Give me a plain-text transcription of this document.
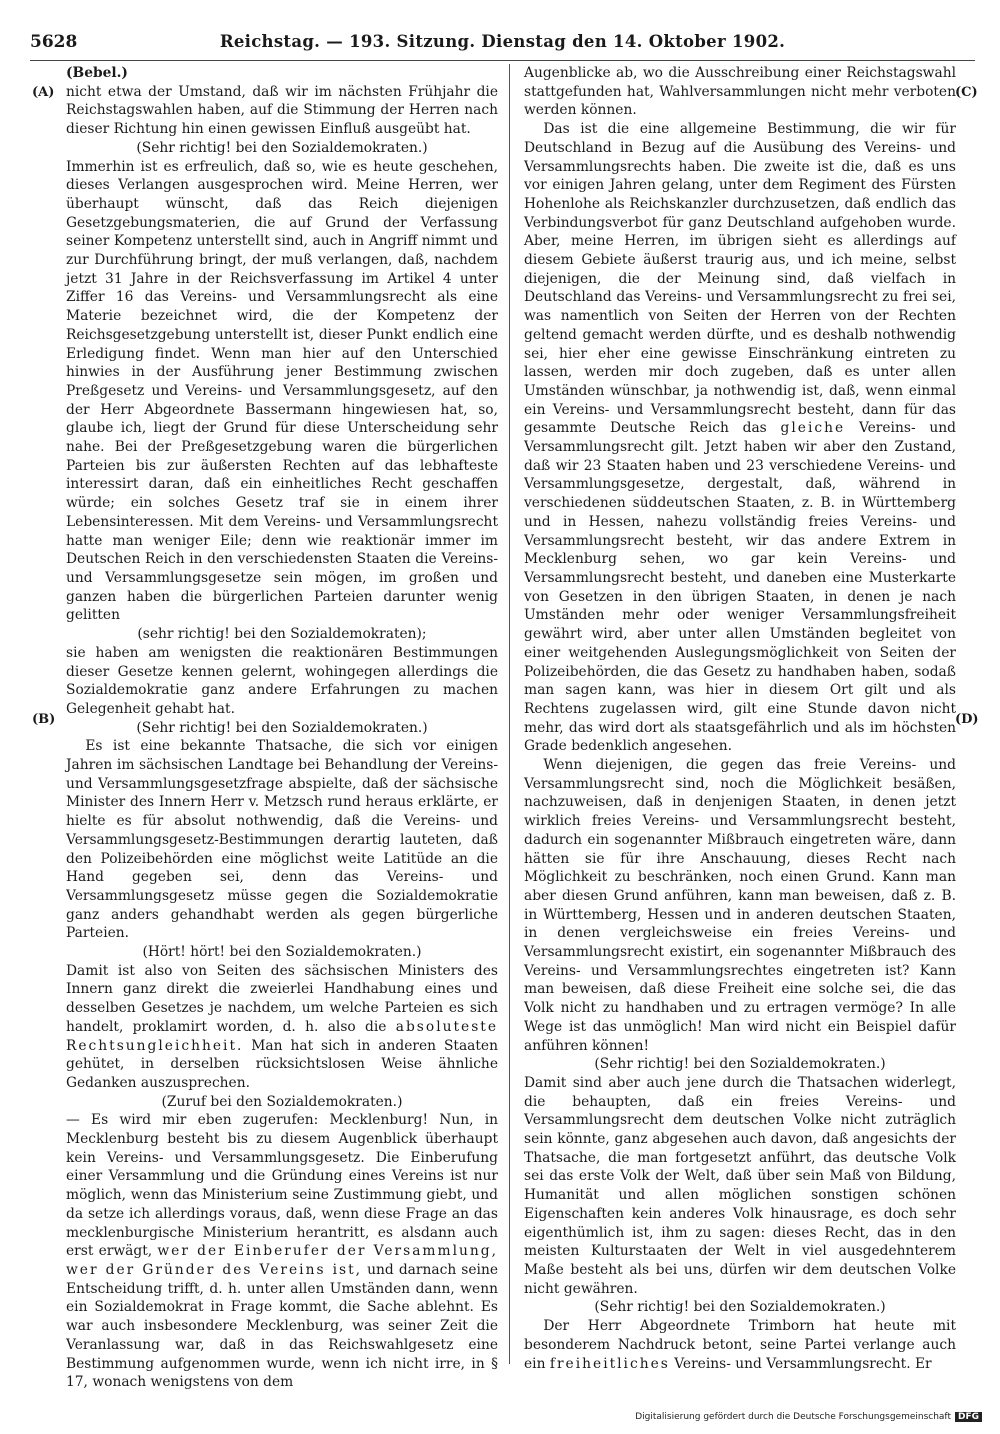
5628	Reichstag. — 193. Sitzung. Dienstag den 14. Oktober 1902.
(A)
(B)
(C)
(D)

(Bebel.)

nicht etwa der Umstand, daß wir im nächsten Frühjahr die Reichstagswahlen haben, auf die Stimmung der Herren nach dieser Richtung hin einen gewissen Einfluß ausgeübt hat.

(Sehr richtig! bei den Sozialdemokraten.)

Immerhin ist es erfreulich, daß so, wie es heute geschehen, dieses Verlangen ausgesprochen wird. Meine Herren, wer überhaupt wünscht, daß das Reich diejenigen Gesetzgebungsmaterien, die auf Grund der Verfassung seiner Kompetenz unterstellt sind, auch in Angriff nimmt und zur Durchführung bringt, der muß verlangen, daß, nachdem jetzt 31 Jahre in der Reichsverfassung im Artikel 4 unter Ziffer 16 das Vereins- und Versammlungsrecht als eine Materie bezeichnet wird, die der Kompetenz der Reichsgesetzgebung unterstellt ist, dieser Punkt endlich eine Erledigung findet. Wenn man hier auf den Unterschied hinwies in der Ausführung jener Bestimmung zwischen Preßgesetz und Vereins- und Versammlungsgesetz, auf den der Herr Abgeordnete Bassermann hingewiesen hat, so, glaube ich, liegt der Grund für diese Unterscheidung sehr nahe. Bei der Preßgesetzgebung waren die bürgerlichen Parteien bis zur äußersten Rechten auf das lebhafteste interessirt daran, daß ein einheitliches Recht geschaffen würde; ein solches Gesetz traf sie in einem ihrer Lebensinteressen. Mit dem Vereins- und Versammlungsrecht hatte man weniger Eile; denn wie reaktionär immer im Deutschen Reich in den verschiedensten Staaten die Vereins- und Versammlungsgesetze sein mögen, im großen und ganzen haben die bürgerlichen Parteien darunter wenig gelitten

(sehr richtig! bei den Sozialdemokraten);

sie haben am wenigsten die reaktionären Bestimmungen dieser Gesetze kennen gelernt, wohingegen allerdings die Sozialdemokratie ganz andere Erfahrungen zu machen Gelegenheit gehabt hat.

(Sehr richtig! bei den Sozialdemokraten.)

Es ist eine bekannte Thatsache, die sich vor einigen Jahren im sächsischen Landtage bei Behandlung der Vereins- und Versammlungsgesetzfrage abspielte, daß der sächsische Minister des Innern Herr v. Metzsch rund heraus erklärte, er hielte es für absolut nothwendig, daß die Vereins- und Versammlungsgesetz-Bestimmungen derartig lauteten, daß den Polizeibehörden eine möglichst weite Latitüde an die Hand gegeben sei, denn das Vereins- und Versammlungsgesetz müsse gegen die Sozialdemokratie ganz anders gehandhabt werden als gegen bürgerliche Parteien.

(Hört! hört! bei den Sozialdemokraten.)

Damit ist also von Seiten des sächsischen Ministers des Innern ganz direkt die zweierlei Handhabung eines und desselben Gesetzes je nachdem, um welche Parteien es sich handelt, proklamirt worden, d. h. also die absoluteste Rechtsungleichheit. Man hat sich in anderen Staaten gehütet, in derselben rücksichtslosen Weise ähnliche Gedanken auszusprechen.

(Zuruf bei den Sozialdemokraten.)

— Es wird mir eben zugerufen: Mecklenburg! Nun, in Mecklenburg besteht bis zu diesem Augenblick überhaupt kein Vereins- und Versammlungsgesetz. Die Einberufung einer Versammlung und die Gründung eines Vereins ist nur möglich, wenn das Ministerium seine Zustimmung giebt, und da setze ich allerdings voraus, daß, wenn diese Frage an das mecklenburgische Ministerium herantritt, es alsdann auch erst erwägt, wer der Einberufer der Versammlung, wer der Gründer des Vereins ist, und darnach seine Entscheidung trifft, d. h. unter allen Umständen dann, wenn ein Sozialdemokrat in Frage kommt, die Sache ablehnt. Es war auch insbesondere Mecklenburg, was seiner Zeit die Veranlassung war, daß in das Reichswahlgesetz eine Bestimmung aufgenommen wurde, wenn ich nicht irre, in § 17, wonach wenigstens von dem

Augenblicke ab, wo die Ausschreibung einer Reichstagswahl stattgefunden hat, Wahlversammlungen nicht mehr verboten werden können.

Das ist die eine allgemeine Bestimmung, die wir für Deutschland in Bezug auf die Ausübung des Vereins- und Versammlungsrechts haben. Die zweite ist die, daß es uns vor einigen Jahren gelang, unter dem Regiment des Fürsten Hohenlohe als Reichskanzler durchzusetzen, daß endlich das Verbindungsverbot für ganz Deutschland aufgehoben wurde. Aber, meine Herren, im übrigen sieht es allerdings auf diesem Gebiete äußerst traurig aus, und ich meine, selbst diejenigen, die der Meinung sind, daß vielfach in Deutschland das Vereins- und Versammlungsrecht zu frei sei, was namentlich von Seiten der Herren von der Rechten geltend gemacht werden dürfte, und es deshalb nothwendig sei, hier eher eine gewisse Einschränkung eintreten zu lassen, werden mir doch zugeben, daß es unter allen Umständen wünschbar, ja nothwendig ist, daß, wenn einmal ein Vereins- und Versammlungsrecht besteht, dann für das gesammte Deutsche Reich das gleiche Vereins- und Versammlungsrecht gilt. Jetzt haben wir aber den Zustand, daß wir 23 Staaten haben und 23 verschiedene Vereins- und Versammlungsgesetze, dergestalt, daß, während in verschiedenen süddeutschen Staaten, z. B. in Württemberg und in Hessen, nahezu vollständig freies Vereins- und Versammlungsrecht besteht, wir das andere Extrem in Mecklenburg sehen, wo gar kein Vereins- und Versammlungsrecht besteht, und daneben eine Musterkarte von Gesetzen in den übrigen Staaten, in denen je nach Umständen mehr oder weniger Versammlungsfreiheit gewährt wird, aber unter allen Umständen begleitet von einer weitgehenden Auslegungsmöglichkeit von Seiten der Polizeibehörden, die das Gesetz zu handhaben haben, sodaß man sagen kann, was hier in diesem Ort gilt und als Rechtens zugelassen wird, gilt eine Stunde davon nicht mehr, das wird dort als staatsgefährlich und als im höchsten Grade bedenklich angesehen.

Wenn diejenigen, die gegen das freie Vereins- und Versammlungsrecht sind, noch die Möglichkeit besäßen, nachzuweisen, daß in denjenigen Staaten, in denen jetzt wirklich freies Vereins- und Versammlungsrecht besteht, dadurch ein sogenannter Mißbrauch eingetreten wäre, dann hätten sie für ihre Anschauung, dieses Recht nach Möglichkeit zu beschränken, noch einen Grund. Kann man aber diesen Grund anführen, kann man beweisen, daß z. B. in Württemberg, Hessen und in anderen deutschen Staaten, in denen vergleichsweise ein freies Vereins- und Versammlungsrecht existirt, ein sogenannter Mißbrauch des Vereins- und Versammlungsrechtes eingetreten ist? Kann man beweisen, daß diese Freiheit eine solche sei, die das Volk nicht zu handhaben und zu ertragen vermöge? In alle Wege ist das unmöglich! Man wird nicht ein Beispiel dafür anführen können!

(Sehr richtig! bei den Sozialdemokraten.)

Damit sind aber auch jene durch die Thatsachen widerlegt, die behaupten, daß ein freies Vereins- und Versammlungsrecht dem deutschen Volke nicht zuträglich sein könnte, ganz abgesehen auch davon, daß angesichts der Thatsache, die man fortgesetzt anführt, das deutsche Volk sei das erste Volk der Welt, daß über sein Maß von Bildung, Humanität und allen möglichen sonstigen schönen Eigenschaften kein anderes Volk hinausrage, es doch sehr eigenthümlich ist, ihm zu sagen: dieses Recht, das in den meisten Kulturstaaten der Welt in viel ausgedehnterem Maße besteht als bei uns, dürfen wir dem deutschen Volke nicht gewähren.

(Sehr richtig! bei den Sozialdemokraten.)

Der Herr Abgeordnete Trimborn hat heute mit besonderem Nachdruck betont, seine Partei verlange auch ein freiheitliches Vereins- und Versammlungsrecht. Er

Digitalisierung gefördert durch die Deutsche Forschungsgemeinschaft DFG
